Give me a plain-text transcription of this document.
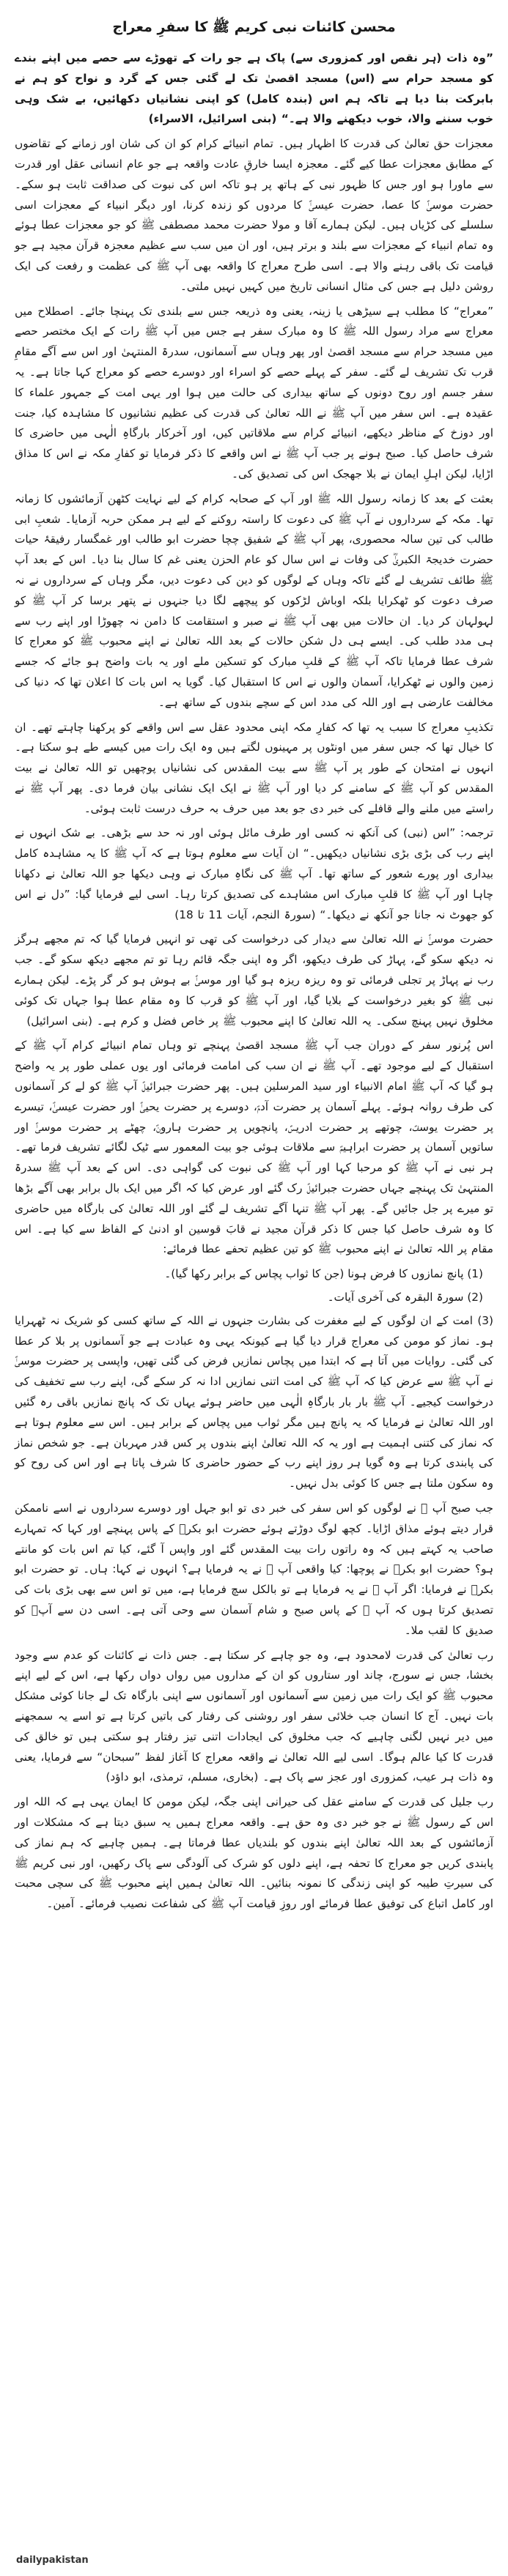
محسن کائنات نبی کریم ﷺ کا سفرِ معراج

”وہ ذات (ہر نقص اور کمزوری سے) پاک ہے جو رات کے تھوڑے سے حصے میں اپنے بندے کو مسجد حرام سے (اس) مسجد اقصیٰ تک لے گئی جس کے گرد و نواح کو ہم نے بابرکت بنا دیا ہے تاکہ ہم اس (بندہ کامل) کو اپنی نشانیاں دکھائیں، بے شک وہی خوب سننے والا، خوب دیکھنے والا ہے۔“ (بنی اسرائیل، الاسراء)

معجزات حق تعالیٰ کی قدرت کا اظہار ہیں۔ تمام انبیائے کرام کو ان کی شان اور زمانے کے تقاضوں کے مطابق معجزات عطا کیے گئے۔ معجزہ ایسا خارقِ عادت واقعہ ہے جو عام انسانی عقل اور قدرت سے ماورا ہو اور جس کا ظہور نبی کے ہاتھ پر ہو تاکہ اس کی نبوت کی صداقت ثابت ہو سکے۔ حضرت موسیٰؑ کا عصا، حضرت عیسیٰؑ کا مردوں کو زندہ کرنا، اور دیگر انبیاء کے معجزات اسی سلسلے کی کڑیاں ہیں۔ لیکن ہمارے آقا و مولا حضرت محمد مصطفی ﷺ کو جو معجزات عطا ہوئے وہ تمام انبیاء کے معجزات سے بلند و برتر ہیں، اور ان میں سب سے عظیم معجزہ قرآن مجید ہے جو قیامت تک باقی رہنے والا ہے۔ اسی طرح معراج کا واقعہ بھی آپ ﷺ کی عظمت و رفعت کی ایک روشن دلیل ہے جس کی مثال انسانی تاریخ میں کہیں نہیں ملتی۔

”معراج“ کا مطلب ہے سیڑھی یا زینہ، یعنی وہ ذریعہ جس سے بلندی تک پہنچا جائے۔ اصطلاح میں معراج سے مراد رسول اللہ ﷺ کا وہ مبارک سفر ہے جس میں آپ ﷺ رات کے ایک مختصر حصے میں مسجد حرام سے مسجد اقصیٰ اور پھر وہاں سے آسمانوں، سدرۃ المنتہیٰ اور اس سے آگے مقامِ قرب تک تشریف لے گئے۔ سفر کے پہلے حصے کو اسراء اور دوسرے حصے کو معراج کہا جاتا ہے۔ یہ سفر جسم اور روح دونوں کے ساتھ بیداری کی حالت میں ہوا اور یہی امت کے جمہور علماء کا عقیدہ ہے۔ اس سفر میں آپ ﷺ نے اللہ تعالیٰ کی قدرت کی عظیم نشانیوں کا مشاہدہ کیا، جنت اور دوزخ کے مناظر دیکھے، انبیائے کرام سے ملاقاتیں کیں، اور آخرکار بارگاہِ الٰہی میں حاضری کا شرف حاصل کیا۔ صبح ہونے پر جب آپ ﷺ نے اس واقعے کا ذکر فرمایا تو کفارِ مکہ نے اس کا مذاق اڑایا، لیکن اہلِ ایمان نے بلا جھجک اس کی تصدیق کی۔

بعثت کے بعد کا زمانہ رسول اللہ ﷺ اور آپ کے صحابہ کرام کے لیے نہایت کٹھن آزمائشوں کا زمانہ تھا۔ مکہ کے سرداروں نے آپ ﷺ کی دعوت کا راستہ روکنے کے لیے ہر ممکن حربہ آزمایا۔ شعبِ ابی طالب کی تین سالہ محصوری، پھر آپ ﷺ کے شفیق چچا حضرت ابو طالب اور غمگسار رفیقۂ حیات حضرت خدیجۃ الکبریٰؓ کی وفات نے اس سال کو عام الحزن یعنی غم کا سال بنا دیا۔ اس کے بعد آپ ﷺ طائف تشریف لے گئے تاکہ وہاں کے لوگوں کو دین کی دعوت دیں، مگر وہاں کے سرداروں نے نہ صرف دعوت کو ٹھکرایا بلکہ اوباش لڑکوں کو پیچھے لگا دیا جنہوں نے پتھر برسا کر آپ ﷺ کو لہولہان کر دیا۔ ان حالات میں بھی آپ ﷺ نے صبر و استقامت کا دامن نہ چھوڑا اور اپنے رب سے ہی مدد طلب کی۔ ایسے ہی دل شکن حالات کے بعد اللہ تعالیٰ نے اپنے محبوب ﷺ کو معراج کا شرف عطا فرمایا تاکہ آپ ﷺ کے قلبِ مبارک کو تسکین ملے اور یہ بات واضح ہو جائے کہ جسے زمین والوں نے ٹھکرایا، آسمان والوں نے اس کا استقبال کیا۔ گویا یہ اس بات کا اعلان تھا کہ دنیا کی مخالفت عارضی ہے اور اللہ کی مدد اس کے سچے بندوں کے ساتھ ہے۔

تکذیبِ معراج کا سبب یہ تھا کہ کفارِ مکہ اپنی محدود عقل سے اس واقعے کو پرکھنا چاہتے تھے۔ ان کا خیال تھا کہ جس سفر میں اونٹوں پر مہینوں لگتے ہیں وہ ایک رات میں کیسے طے ہو سکتا ہے۔ انہوں نے امتحان کے طور پر آپ ﷺ سے بیت المقدس کی نشانیاں پوچھیں تو اللہ تعالیٰ نے بیت المقدس کو آپ ﷺ کے سامنے کر دیا اور آپ ﷺ نے ایک ایک نشانی بیان فرما دی۔ پھر آپ ﷺ نے راستے میں ملنے والے قافلے کی خبر دی جو بعد میں حرف بہ حرف درست ثابت ہوئی۔

ترجمہ: ”اس (نبی) کی آنکھ نہ کسی اور طرف مائل ہوئی اور نہ حد سے بڑھی۔ بے شک انہوں نے اپنے رب کی بڑی بڑی نشانیاں دیکھیں۔“ ان آیات سے معلوم ہوتا ہے کہ آپ ﷺ کا یہ مشاہدہ کامل بیداری اور پورے شعور کے ساتھ تھا۔ آپ ﷺ کی نگاہِ مبارک نے وہی دیکھا جو اللہ تعالیٰ نے دکھانا چاہا اور آپ ﷺ کا قلبِ مبارک اس مشاہدے کی تصدیق کرتا رہا۔ اسی لیے فرمایا گیا: ”دل نے اس کو جھوٹ نہ جانا جو آنکھ نے دیکھا۔“ (سورۃ النجم، آیات 11 تا 18)

حضرت موسیٰؑ نے اللہ تعالیٰ سے دیدار کی درخواست کی تھی تو انہیں فرمایا گیا کہ تم مجھے ہرگز نہ دیکھ سکو گے، پہاڑ کی طرف دیکھو، اگر وہ اپنی جگہ قائم رہا تو تم مجھے دیکھ سکو گے۔ جب رب نے پہاڑ پر تجلی فرمائی تو وہ ریزہ ریزہ ہو گیا اور موسیٰؑ بے ہوش ہو کر گر پڑے۔ لیکن ہمارے نبی ﷺ کو بغیر درخواست کے بلایا گیا، اور آپ ﷺ کو قرب کا وہ مقام عطا ہوا جہاں تک کوئی مخلوق نہیں پہنچ سکی۔ یہ اللہ تعالیٰ کا اپنے محبوب ﷺ پر خاص فضل و کرم ہے۔ (بنی اسرائیل)

اس پُرنور سفر کے دوران جب آپ ﷺ مسجد اقصیٰ پہنچے تو وہاں تمام انبیائے کرام آپ ﷺ کے استقبال کے لیے موجود تھے۔ آپ ﷺ نے ان سب کی امامت فرمائی اور یوں عملی طور پر یہ واضح ہو گیا کہ آپ ﷺ امام الانبیاء اور سید المرسلین ہیں۔ پھر حضرت جبرائیلؑ آپ ﷺ کو لے کر آسمانوں کی طرف روانہ ہوئے۔ پہلے آسمان پر حضرت آدمؑ، دوسرے پر حضرت یحییٰؑ اور حضرت عیسیٰؑ، تیسرے پر حضرت یوسفؑ، چوتھے پر حضرت ادریسؑ، پانچویں پر حضرت ہارونؑ، چھٹے پر حضرت موسیٰؑ اور ساتویں آسمان پر حضرت ابراہیمؑ سے ملاقات ہوئی جو بیت المعمور سے ٹیک لگائے تشریف فرما تھے۔ ہر نبی نے آپ ﷺ کو مرحبا کہا اور آپ ﷺ کی نبوت کی گواہی دی۔ اس کے بعد آپ ﷺ سدرۃ المنتہیٰ تک پہنچے جہاں حضرت جبرائیلؑ رک گئے اور عرض کیا کہ اگر میں ایک بال برابر بھی آگے بڑھا تو میرے پر جل جائیں گے۔ پھر آپ ﷺ تنہا آگے تشریف لے گئے اور اللہ تعالیٰ کی بارگاہ میں حاضری کا وہ شرف حاصل کیا جس کا ذکر قرآن مجید نے قابَ قوسین او ادنیٰ کے الفاظ سے کیا ہے۔ اس مقام پر اللہ تعالیٰ نے اپنے محبوب ﷺ کو تین عظیم تحفے عطا فرمائے:

(1) پانچ نمازوں کا فرض ہونا (جن کا ثواب پچاس کے برابر رکھا گیا)۔
(2) سورۃ البقرہ کی آخری آیات۔

(3) امت کے ان لوگوں کے لیے مغفرت کی بشارت جنہوں نے اللہ کے ساتھ کسی کو شریک نہ ٹھہرایا ہو۔ نماز کو مومن کی معراج قرار دیا گیا ہے کیونکہ یہی وہ عبادت ہے جو آسمانوں پر بلا کر عطا کی گئی۔ روایات میں آتا ہے کہ ابتدا میں پچاس نمازیں فرض کی گئی تھیں، واپسی پر حضرت موسیٰؑ نے آپ ﷺ سے عرض کیا کہ آپ ﷺ کی امت اتنی نمازیں ادا نہ کر سکے گی، اپنے رب سے تخفیف کی درخواست کیجیے۔ آپ ﷺ بار بار بارگاہِ الٰہی میں حاضر ہوئے یہاں تک کہ پانچ نمازیں باقی رہ گئیں اور اللہ تعالیٰ نے فرمایا کہ یہ پانچ ہیں مگر ثواب میں پچاس کے برابر ہیں۔ اس سے معلوم ہوتا ہے کہ نماز کی کتنی اہمیت ہے اور یہ کہ اللہ تعالیٰ اپنے بندوں پر کس قدر مہربان ہے۔ جو شخص نماز کی پابندی کرتا ہے وہ گویا ہر روز اپنے رب کے حضور حاضری کا شرف پاتا ہے اور اس کی روح کو وہ سکون ملتا ہے جس کا کوئی بدل نہیں۔

جب صبح آپ ﷺ نے لوگوں کو اس سفر کی خبر دی تو ابو جہل اور دوسرے سرداروں نے اسے ناممکن قرار دیتے ہوئے مذاق اڑایا۔ کچھ لوگ دوڑتے ہوئے حضرت ابو بکرؓ کے پاس پہنچے اور کہا کہ تمہارے صاحب یہ کہتے ہیں کہ وہ راتوں رات بیت المقدس گئے اور واپس آ گئے، کیا تم اس بات کو مانتے ہو؟ حضرت ابو بکرؓ نے پوچھا: کیا واقعی آپ ﷺ نے یہ فرمایا ہے؟ انہوں نے کہا: ہاں۔ تو حضرت ابو بکرؓ نے فرمایا: اگر آپ ﷺ نے یہ فرمایا ہے تو بالکل سچ فرمایا ہے، میں تو اس سے بھی بڑی بات کی تصدیق کرتا ہوں کہ آپ ﷺ کے پاس صبح و شام آسمان سے وحی آتی ہے۔ اسی دن سے آپؓ کو صدیق کا لقب ملا۔

رب تعالیٰ کی قدرت لامحدود ہے، وہ جو چاہے کر سکتا ہے۔ جس ذات نے کائنات کو عدم سے وجود بخشا، جس نے سورج، چاند اور ستاروں کو ان کے مداروں میں رواں دواں رکھا ہے، اس کے لیے اپنے محبوب ﷺ کو ایک رات میں زمین سے آسمانوں اور آسمانوں سے اپنی بارگاہ تک لے جانا کوئی مشکل بات نہیں۔ آج کا انسان جب خلائی سفر اور روشنی کی رفتار کی باتیں کرتا ہے تو اسے یہ سمجھنے میں دیر نہیں لگنی چاہیے کہ جب مخلوق کی ایجادات اتنی تیز رفتار ہو سکتی ہیں تو خالق کی قدرت کا کیا عالم ہوگا۔ اسی لیے اللہ تعالیٰ نے واقعہ معراج کا آغاز لفظ ”سبحان“ سے فرمایا، یعنی وہ ذات ہر عیب، کمزوری اور عجز سے پاک ہے۔ (بخاری، مسلم، ترمذی، ابو داؤد)

رب جلیل کی قدرت کے سامنے عقل کی حیرانی اپنی جگہ، لیکن مومن کا ایمان یہی ہے کہ اللہ اور اس کے رسول ﷺ نے جو خبر دی وہ حق ہے۔ واقعہ معراج ہمیں یہ سبق دیتا ہے کہ مشکلات اور آزمائشوں کے بعد اللہ تعالیٰ اپنے بندوں کو بلندیاں عطا فرماتا ہے۔ ہمیں چاہیے کہ ہم نماز کی پابندی کریں جو معراج کا تحفہ ہے، اپنے دلوں کو شرک کی آلودگی سے پاک رکھیں، اور نبی کریم ﷺ کی سیرتِ طیبہ کو اپنی زندگی کا نمونہ بنائیں۔ اللہ تعالیٰ ہمیں اپنے محبوب ﷺ کی سچی محبت اور کامل اتباع کی توفیق عطا فرمائے اور روزِ قیامت آپ ﷺ کی شفاعت نصیب فرمائے۔ آمین۔

dailypakistan
